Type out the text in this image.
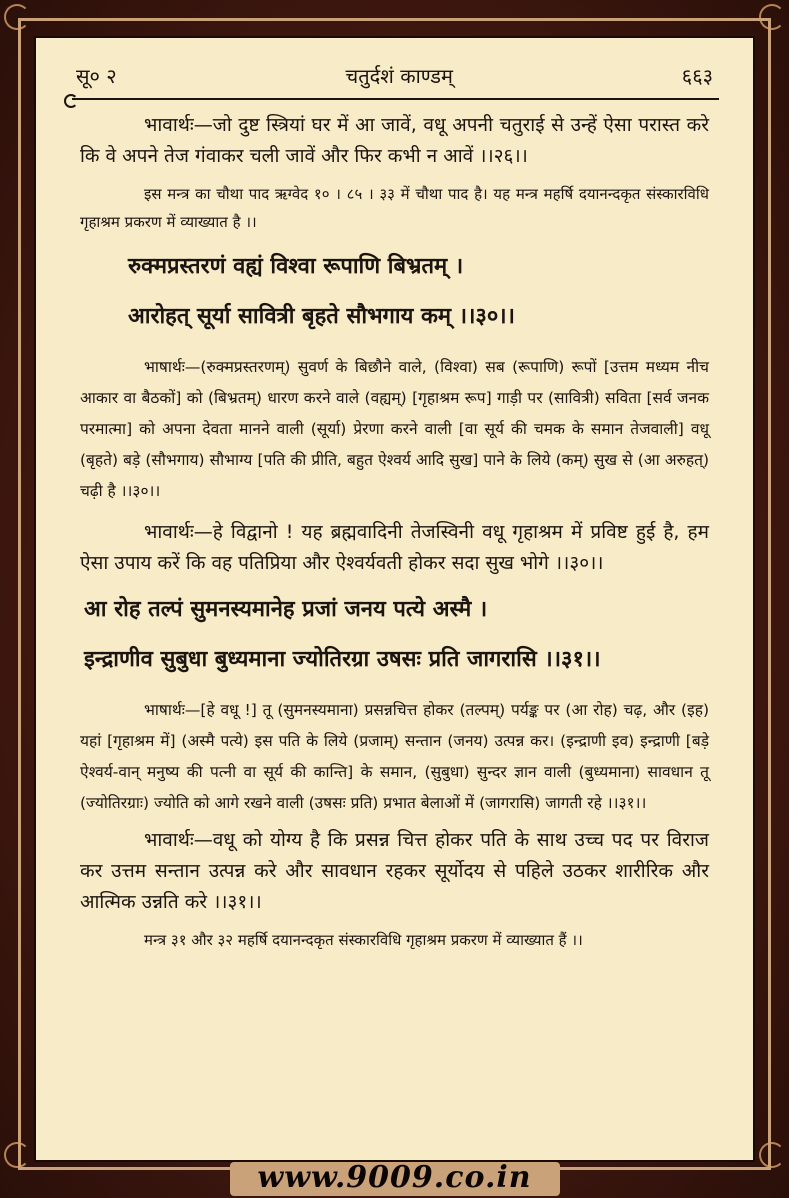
सू० २	चतुर्दशं काण्डम्	६६३

भावार्थः—जो दुष्ट स्त्रियां घर में आ जावें, वधू अपनी चतुराई से उन्हें ऐसा परास्त करे कि वे अपने तेज गंवाकर चली जावें और फिर कभी न आवें ।।२६।।

इस मन्त्र का चौथा पाद ऋग्वेद १० । ८५ । ३३ में चौथा पाद है। यह मन्त्र महर्षि दयानन्दकृत संस्कारविधि गृहाश्रम प्रकरण में व्याख्यात है ।।

रुक्मप्रस्तरणं वह्यं विश्वा रूपाणि बिभ्रतम् ।

आरोहत् सूर्या सावित्री बृहते सौभगाय कम् ।।३०।।

भाषार्थः—(रुक्मप्रस्तरणम्) सुवर्ण के बिछौने वाले, (विश्वा) सब (रूपाणि) रूपों [उत्तम मध्यम नीच आकार वा बैठकों] को (बिभ्रतम्) धारण करने वाले (वह्यम्) [गृहाश्रम रूप] गाड़ी पर (सावित्री) सविता [सर्व जनक परमात्मा] को अपना देवता मानने वाली (सूर्या) प्रेरणा करने वाली [वा सूर्य की चमक के समान तेजवाली] वधू (बृहते) बड़े (सौभगाय) सौभाग्य [पति की प्रीति, बहुत ऐश्वर्य आदि सुख] पाने के लिये (कम्) सुख से (आ अरुहत्) चढ़ी है ।।३०।।

भावार्थः—हे विद्वानो ! यह ब्रह्मवादिनी तेजस्विनी वधू गृहाश्रम में प्रविष्ट हुई है, हम ऐसा उपाय करें कि वह पतिप्रिया और ऐश्वर्यवती होकर सदा सुख भोगे ।।३०।।

आ रोह तल्पं सुमनस्यमानेह प्रजां जनय पत्ये अस्मै ।

इन्द्राणीव सुबुधा बुध्यमाना ज्योतिरग्रा उषसः प्रति जागरासि ।।३१।।

भाषार्थः—[हे वधू !] तू (सुमनस्यमाना) प्रसन्नचित्त होकर (तल्पम्) पर्यङ्क पर (आ रोह) चढ़, और (इह) यहां [गृहाश्रम में] (अस्मै पत्ये) इस पति के लिये (प्रजाम्) सन्तान (जनय) उत्पन्न कर। (इन्द्राणी इव) इन्द्राणी [बड़े ऐश्वर्य-वान् मनुष्य की पत्नी वा सूर्य की कान्ति] के समान, (सुबुधा) सुन्दर ज्ञान वाली (बुध्यमाना) सावधान तू (ज्योतिरग्राः) ज्योति को आगे रखने वाली (उषसः प्रति) प्रभात बेलाओं में (जागरासि) जागती रहे ।।३१।।

भावार्थः—वधू को योग्य है कि प्रसन्न चित्त होकर पति के साथ उच्च पद पर विराज कर उत्तम सन्तान उत्पन्न करे और सावधान रहकर सूर्योदय से पहिले उठकर शारीरिक और आत्मिक उन्नति करे ।।३१।।

मन्त्र ३१ और ३२ महर्षि दयानन्दकृत संस्कारविधि गृहाश्रम प्रकरण में व्याख्यात हैं ।।

www.9009.co.in
